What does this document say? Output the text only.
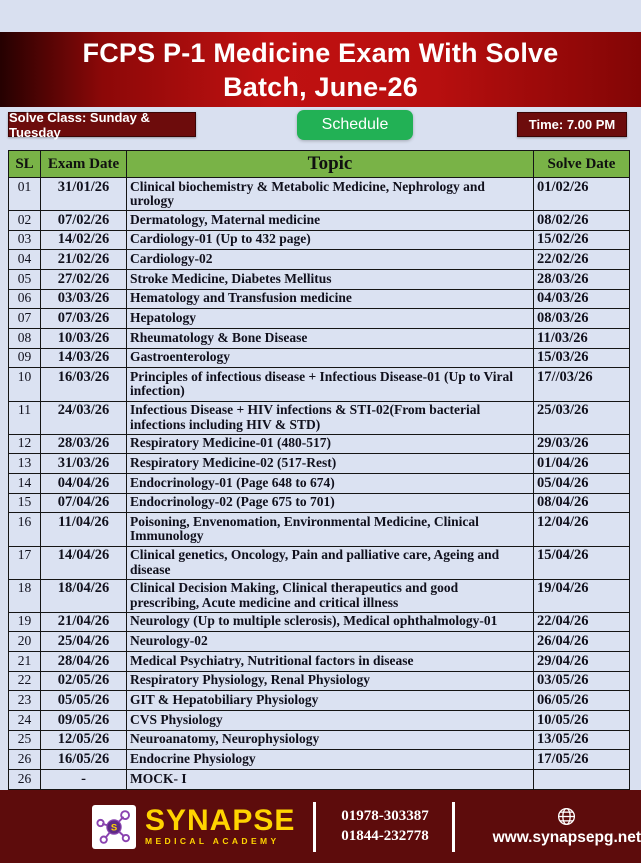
FCPS P-1 Medicine Exam With Solve
Batch, June-26
Solve Class: Sunday & Tuesday	Schedule	Time: 7.00 PM
SL	Exam Date	Topic	Solve Date
01	31/01/26	Clinical biochemistry & Metabolic Medicine, Nephrology and urology	01/02/26
02	07/02/26	Dermatology, Maternal medicine	08/02/26
03	14/02/26	Cardiology-01 (Up to 432 page)	15/02/26
04	21/02/26	Cardiology-02	22/02/26
05	27/02/26	Stroke Medicine, Diabetes Mellitus	28/03/26
06	03/03/26	Hematology and Transfusion medicine	04/03/26
07	07/03/26	Hepatology	08/03/26
08	10/03/26	Rheumatology & Bone Disease	11/03/26
09	14/03/26	Gastroenterology	15/03/26
10	16/03/26	Principles of infectious disease + Infectious Disease-01 (Up to Viral infection)	17//03/26
11	24/03/26	Infectious Disease + HIV infections & STI-02(From bacterial infections including HIV & STD)	25/03/26
12	28/03/26	Respiratory Medicine-01 (480-517)	29/03/26
13	31/03/26	Respiratory Medicine-02 (517-Rest)	01/04/26
14	04/04/26	Endocrinology-01 (Page 648 to 674)	05/04/26
15	07/04/26	Endocrinology-02 (Page 675 to 701)	08/04/26
16	11/04/26	Poisoning, Envenomation, Environmental Medicine, Clinical Immunology	12/04/26
17	14/04/26	Clinical genetics, Oncology, Pain and palliative care, Ageing and disease	15/04/26
18	18/04/26	Clinical Decision Making, Clinical therapeutics and good prescribing, Acute medicine and critical illness	19/04/26
19	21/04/26	Neurology (Up to multiple sclerosis), Medical ophthalmology-01	22/04/26
20	25/04/26	Neurology-02	26/04/26
21	28/04/26	Medical Psychiatry, Nutritional factors in disease	29/04/26
22	02/05/26	Respiratory Physiology, Renal Physiology	03/05/26
23	05/05/26	GIT & Hepatobiliary Physiology	06/05/26
24	09/05/26	CVS Physiology	10/05/26
25	12/05/26	Neuroanatomy, Neurophysiology	13/05/26
26	16/05/26	Endocrine Physiology	17/05/26
26	-	MOCK- I	

S SYNAPSE
MEDICAL ACADEMY
01978-303387
01844-232778	www.synapsepg.net
